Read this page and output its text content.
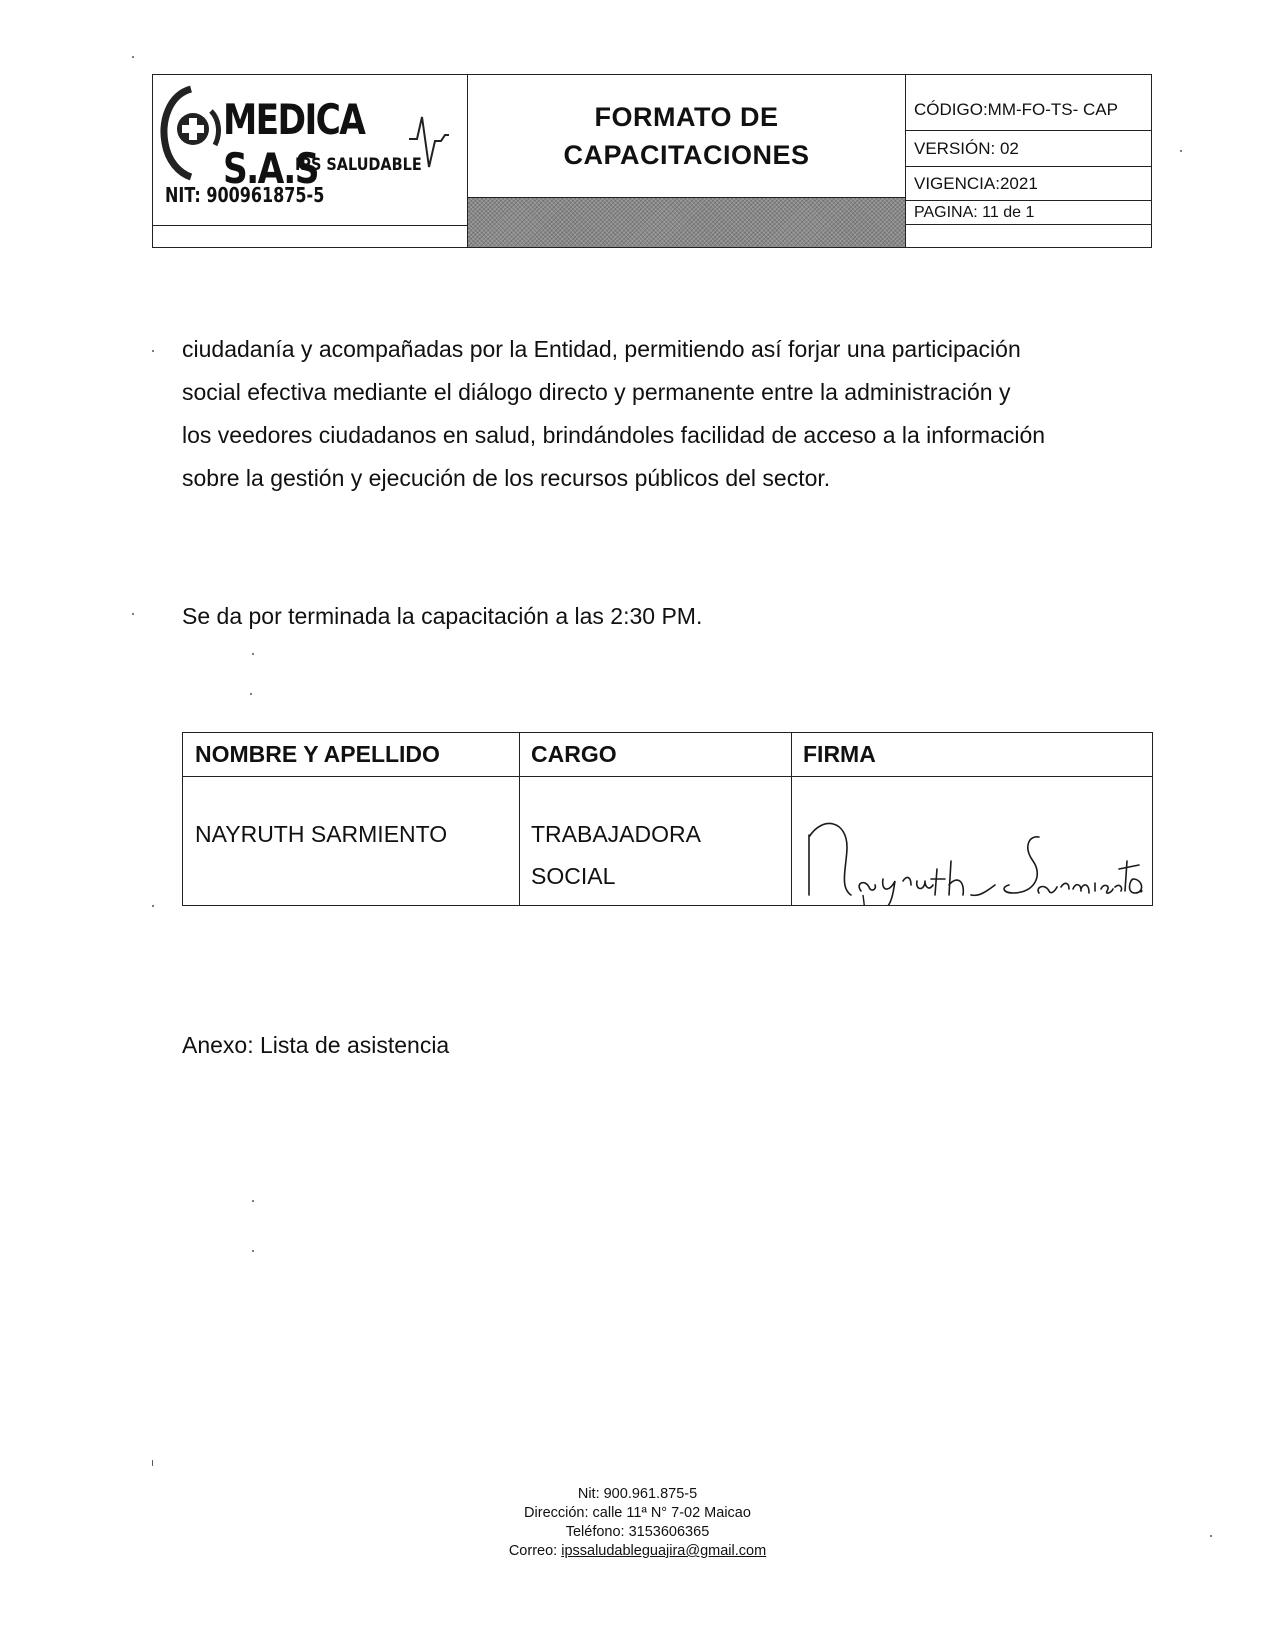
MEDICA S.A.S
IPS SALUDABLE
NIT: 900961875-5
FORMATO DE
CAPACITACIONES
CÓDIGO:MM-FO-TS- CAP
VERSIÓN: 02
VIGENCIA:2021
PAGINA: 11 de 1

ciudadanía y acompañadas por la Entidad, permitiendo así forjar una participación

social efectiva mediante el diálogo directo y permanente entre la administración y

los veedores ciudadanos en salud, brindándoles facilidad de acceso a la información

sobre la gestión y ejecución de los recursos públicos del sector.

Se da por terminada la capacitación a las 2:30 PM.
NOMBRE Y APELLIDO	CARGO	FIRMA
NAYRUTH SARMIENTO	TRABAJADORA
SOCIAL
Anexo: Lista de asistencia
Nit: 900.961.875-5
Dirección: calle 11ª N° 7-02 Maicao
Teléfono: 3153606365
Correo: ipssaludableguajira@gmail.com
